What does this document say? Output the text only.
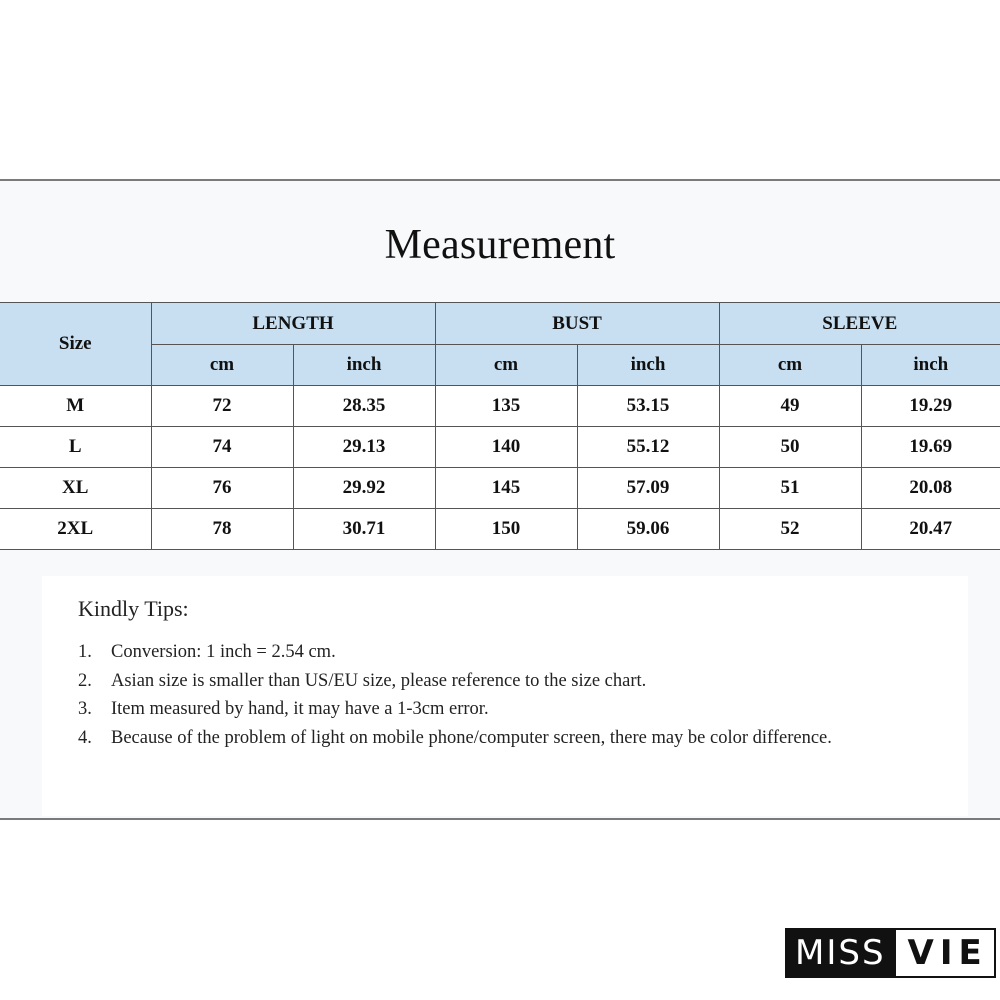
Measurement
Size	LENGTH		BUST		SLEEVE	
	cm	inch	cm	inch	cm	inch
M	72	28.35	135	53.15	49	19.29
L	74	29.13	140	55.12	50	19.69
XL	76	29.92	145	57.09	51	20.08
2XL	78	30.71	150	59.06	52	20.47
Kindly Tips:
1.	Conversion: 1 inch = 2.54 cm.
2.	Asian size is smaller than US/EU size, please reference to the size chart.
3.	Item measured by hand, it may have a 1-3cm error.
4.	Because of the problem of light on mobile phone/computer screen, there may be color difference.
MISS VIE
